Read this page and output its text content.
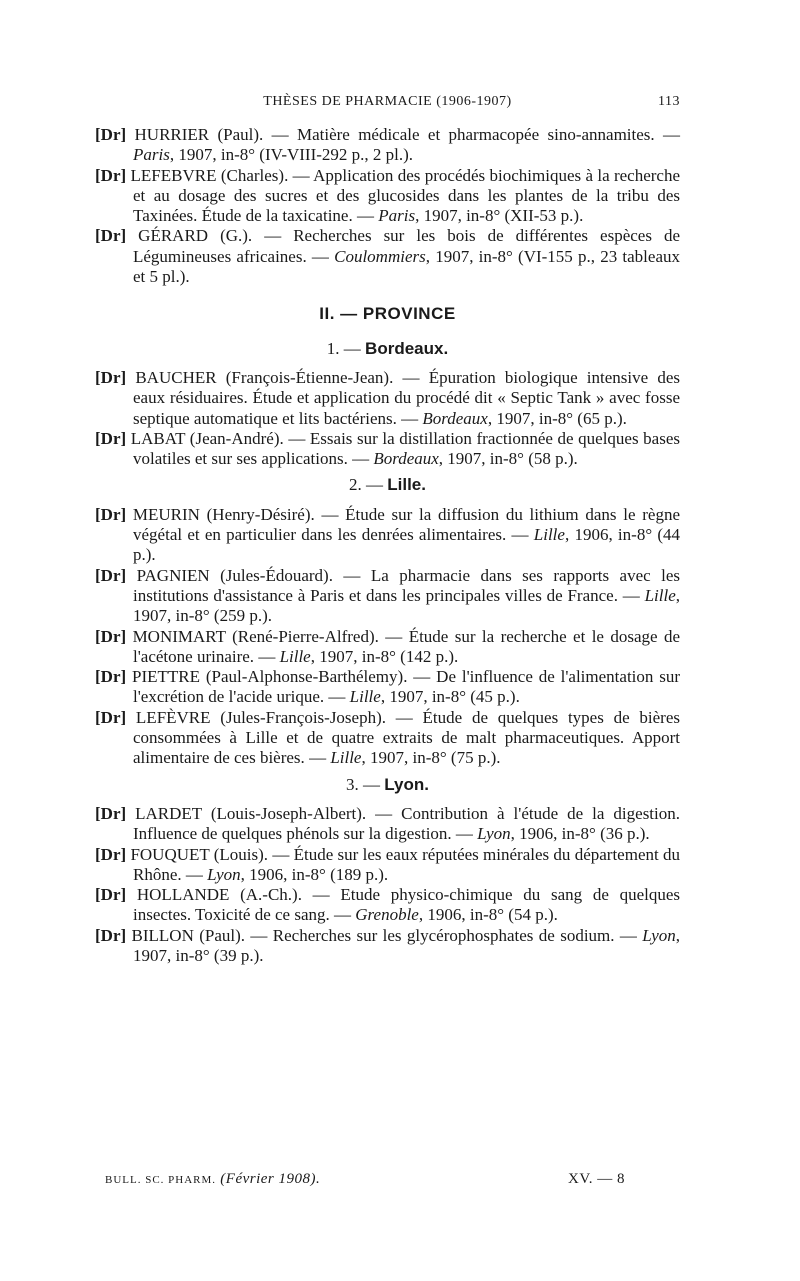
THÈSES DE PHARMACIE (1906-1907)	113

[Dr] HURRIER (Paul). — Matière médicale et pharmacopée sino-annamites. — Paris, 1907, in-8° (IV-VIII-292 p., 2 pl.).

[Dr] LEFEBVRE (Charles). — Application des procédés biochimiques à la recherche et au dosage des sucres et des glucosides dans les plantes de la tribu des Taxinées. Étude de la taxicatine. — Paris, 1907, in-8° (XII-53 p.).

[Dr] GÉRARD (G.). — Recherches sur les bois de différentes espèces de Légumineuses africaines. — Coulommiers, 1907, in-8° (VI-155 p., 23 tableaux et 5 pl.).

II. — PROVINCE
1. — Bordeaux.

[Dr] BAUCHER (François-Étienne-Jean). — Épuration biologique intensive des eaux résiduaires. Étude et application du procédé dit « Septic Tank » avec fosse septique automatique et lits bactériens. — Bordeaux, 1907, in-8° (65 p.).

[Dr] LABAT (Jean-André). — Essais sur la distillation fractionnée de quelques bases volatiles et sur ses applications. — Bordeaux, 1907, in-8° (58 p.).

2. — Lille.

[Dr] MEURIN (Henry-Désiré). — Étude sur la diffusion du lithium dans le règne végétal et en particulier dans les denrées alimentaires. — Lille, 1906, in-8° (44 p.).

[Dr] PAGNIEN (Jules-Édouard). — La pharmacie dans ses rapports avec les institutions d'assistance à Paris et dans les principales villes de France. — Lille, 1907, in-8° (259 p.).

[Dr] MONIMART (René-Pierre-Alfred). — Étude sur la recherche et le dosage de l'acétone urinaire. — Lille, 1907, in-8° (142 p.).

[Dr] PIETTRE (Paul-Alphonse-Barthélemy). — De l'influence de l'alimentation sur l'excrétion de l'acide urique. — Lille, 1907, in-8° (45 p.).

[Dr] LEFÈVRE (Jules-François-Joseph). — Étude de quelques types de bières consommées à Lille et de quatre extraits de malt pharmaceutiques. Apport alimentaire de ces bières. — Lille, 1907, in-8° (75 p.).

3. — Lyon.

[Dr] LARDET (Louis-Joseph-Albert). — Contribution à l'étude de la digestion. Influence de quelques phénols sur la digestion. — Lyon, 1906, in-8° (36 p.).

[Dr] FOUQUET (Louis). — Étude sur les eaux réputées minérales du département du Rhône. — Lyon, 1906, in-8° (189 p.).

[Dr] HOLLANDE (A.-Ch.). — Etude physico-chimique du sang de quelques insectes. Toxicité de ce sang. — Grenoble, 1906, in-8° (54 p.).

[Dr] BILLON (Paul). — Recherches sur les glycérophosphates de sodium. — Lyon, 1907, in-8° (39 p.).

BULL. SC. PHARM. (Février 1908).	XV. — 8
